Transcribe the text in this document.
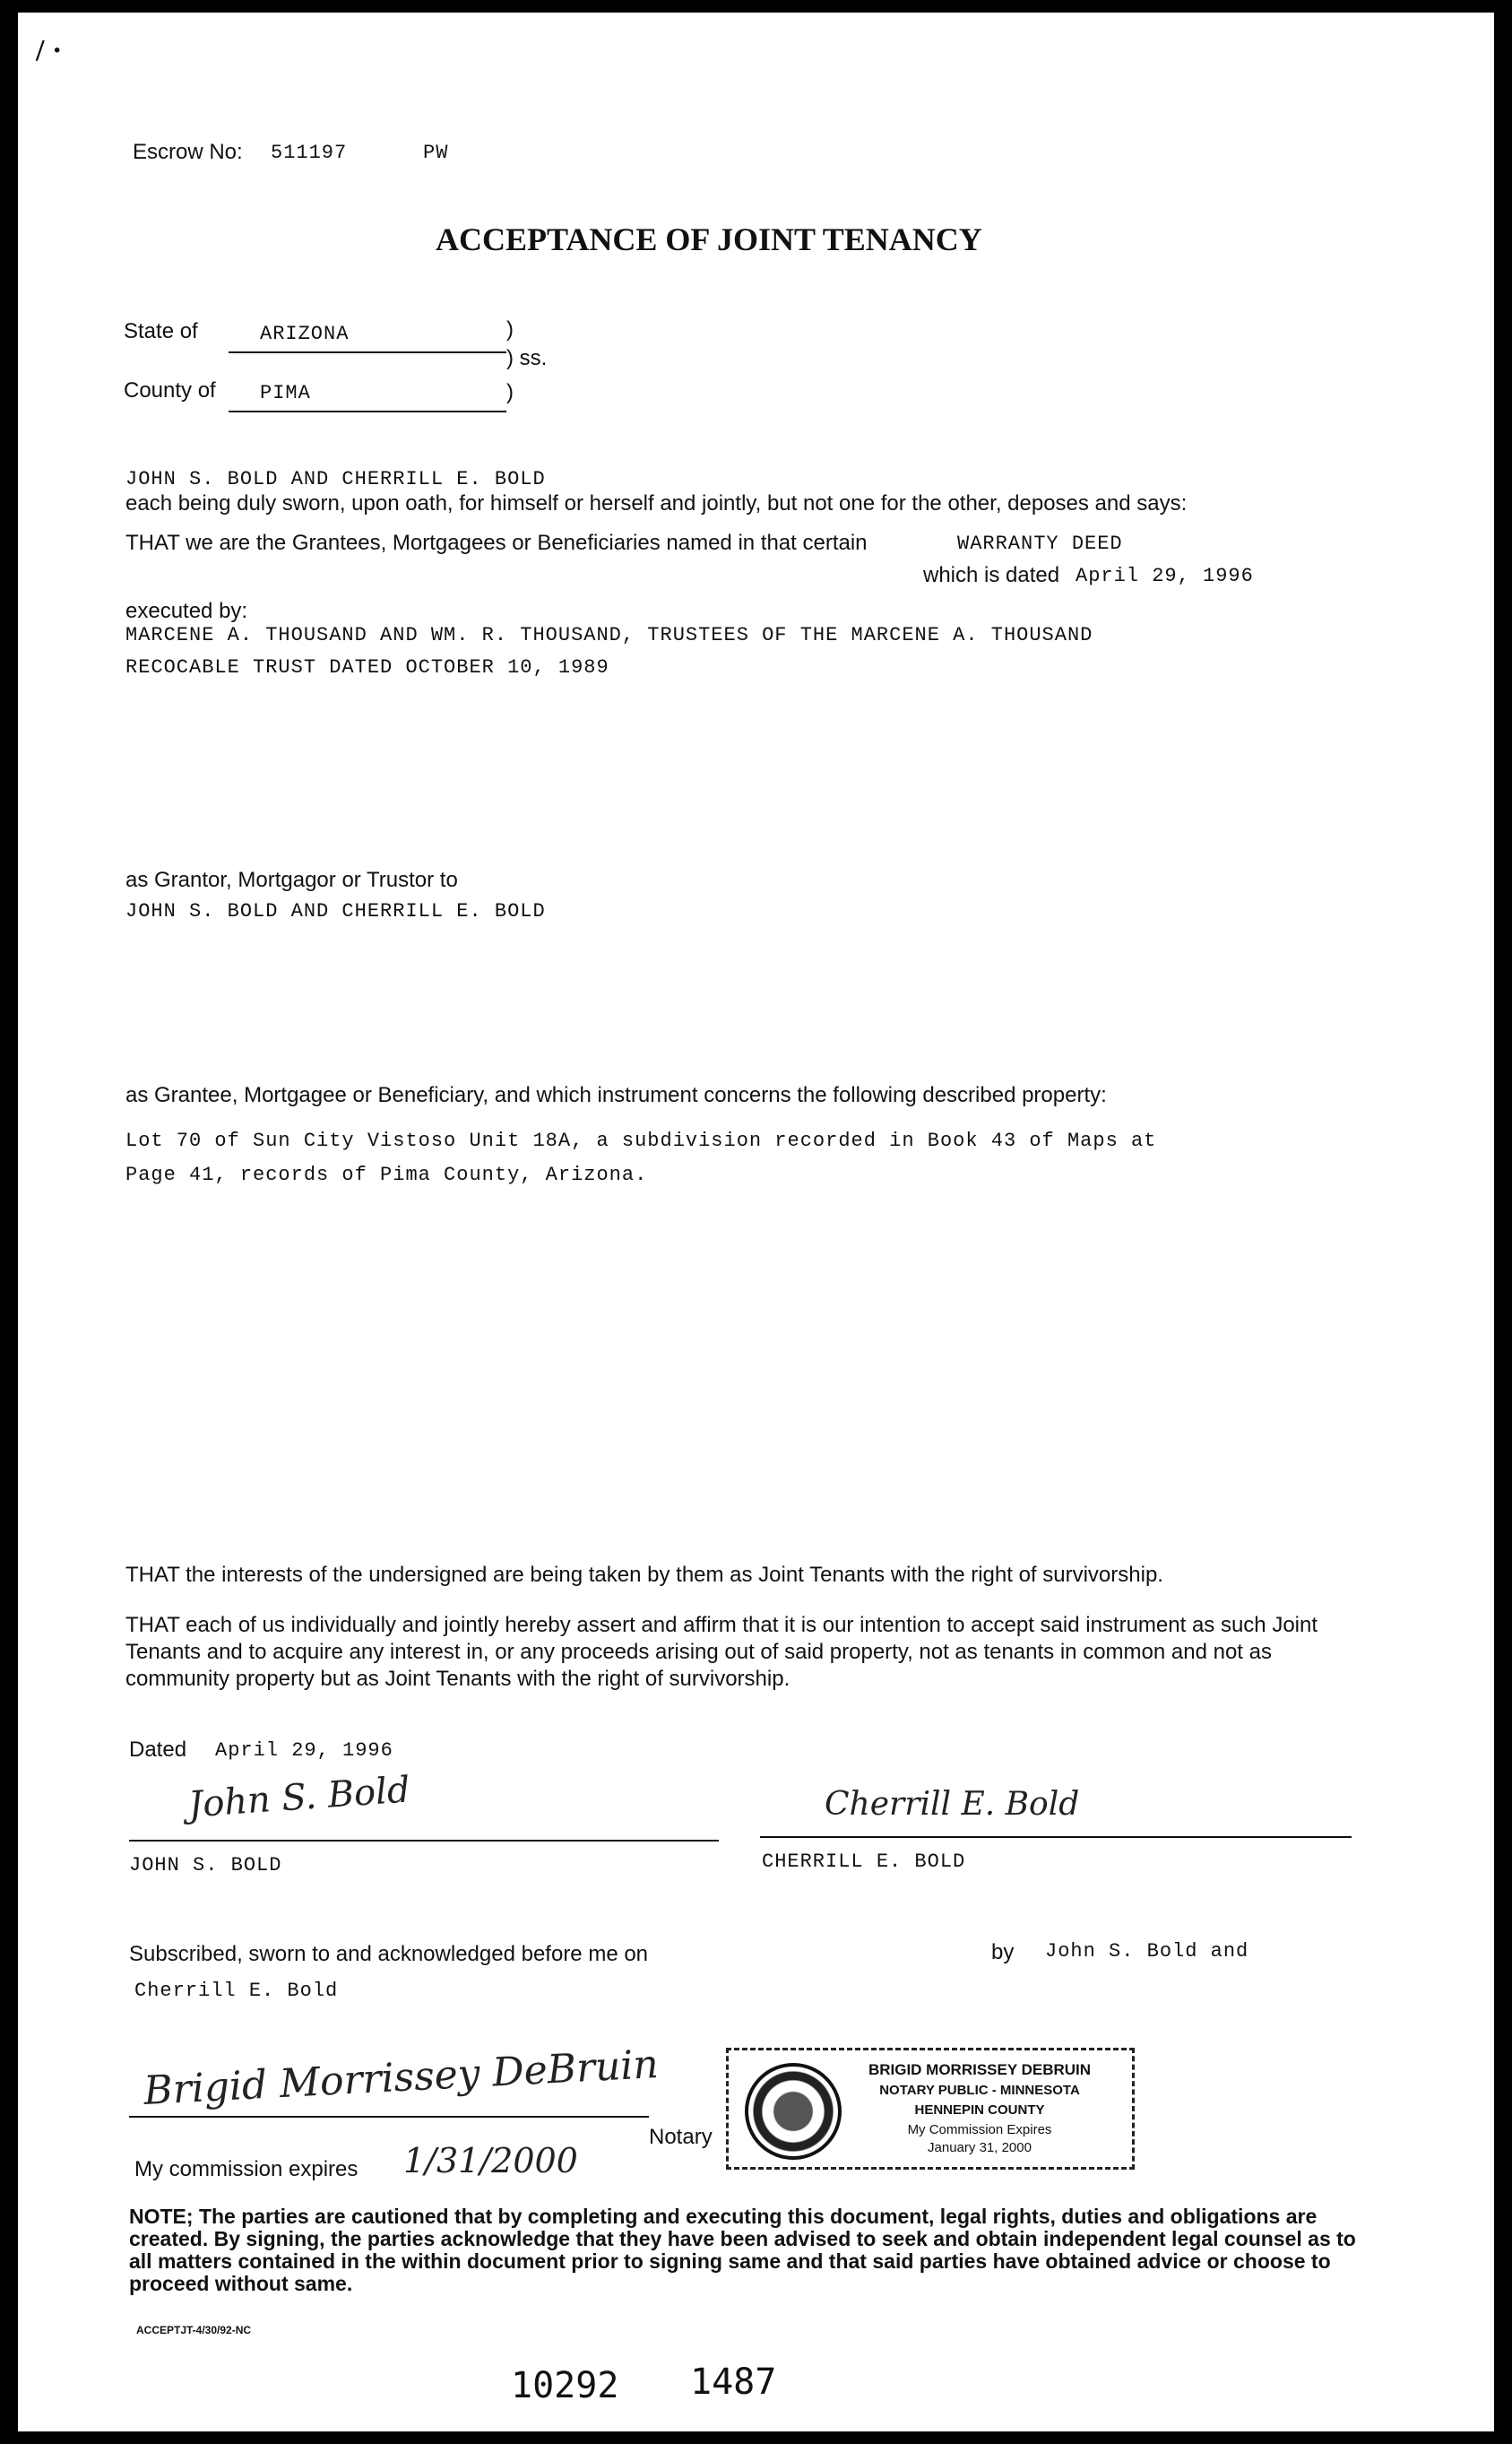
/ ·
Escrow No: 511197	PW
ACCEPTANCE OF JOINT TENANCY
State of	ARIZONA	)
) ss.
County of PIMA	)
JOHN S. BOLD AND CHERRILL E. BOLD
each being duly sworn, upon oath, for himself or herself and jointly, but not one for the other, deposes and says:
THAT we are the Grantees, Mortgagees or Beneficiaries named in that certain	WARRANTY DEED
which is dated April 29, 1996
executed by:
MARCENE A. THOUSAND AND WM. R. THOUSAND, TRUSTEES OF THE MARCENE A. THOUSAND
RECOCABLE TRUST DATED OCTOBER 10, 1989
as Grantor, Mortgagor or Trustor to
JOHN S. BOLD AND CHERRILL E. BOLD
as Grantee, Mortgagee or Beneficiary, and which instrument concerns the following described property:
Lot 70 of Sun City Vistoso Unit 18A, a subdivision recorded in Book 43 of Maps at
Page 41, records of Pima County, Arizona.
THAT the interests of the undersigned are being taken by them as Joint Tenants with the right of survivorship.
THAT each of us individually and jointly hereby assert and affirm that it is our intention to accept said instrument as such Joint Tenants and to acquire any interest in, or any proceeds arising out of said property, not as tenants in common and not as community property but as Joint Tenants with the right of survivorship.
Dated April 29, 1996
John S. Bold
JOHN S. BOLD
Cherrill E. Bold
CHERRILL E. BOLD
Subscribed, sworn to and acknowledged before me on	by John S. Bold and
Cherrill E. Bold
Brigid Morrissey DeBruin
Notary
My commission expires 1/31/2000
BRIGID MORRISSEY DEBRUIN
NOTARY PUBLIC - MINNESOTA
HENNEPIN COUNTY
My Commission Expires
January 31, 2000
NOTE; The parties are cautioned that by completing and executing this document, legal rights, duties and obligations are created. By signing, the parties acknowledge that they have been advised to seek and obtain independent legal counsel as to all matters contained in the within document prior to signing same and that said parties have obtained advice or choose to proceed without same.
ACCEPTJT-4/30/92-NC
10292 1487
